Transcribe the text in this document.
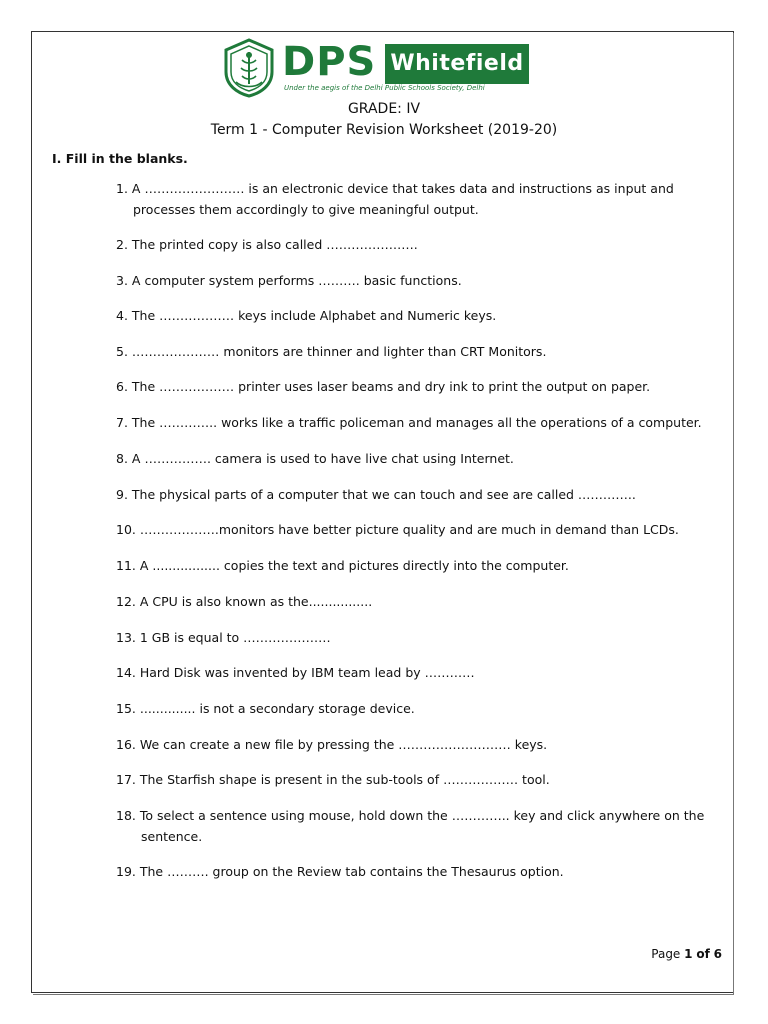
DPS Whitefield
Under the aegis of the Delhi Public Schools Society, Delhi
GRADE: IV
Term 1 - Computer Revision Worksheet (2019-20)
I. Fill in the blanks.
1. A …………………… is an electronic device that takes data and instructions as input and
processes them accordingly to give meaningful output.
2. The printed copy is also called ………………….
3. A computer system performs ………. basic functions.
4. The ……………… keys include Alphabet and Numeric keys.
5. ………………… monitors are thinner and lighter than CRT Monitors.
6. The ……………… printer uses laser beams and dry ink to print the output on paper.
7. The ………….. works like a traffic policeman and manages all the operations of a computer.
8. A ……………. camera is used to have live chat using Internet.
9. The physical parts of a computer that we can touch and see are called …………..
10. ……………….monitors have better picture quality and are much in demand than LCDs.
11. A ................. copies the text and pictures directly into the computer.
12. A CPU is also known as the................
13. 1 GB is equal to …………………
14. Hard Disk was invented by IBM team lead by …………
15. .............. is not a secondary storage device.
16. We can create a new file by pressing the ……………………… keys.
17. The Starfish shape is present in the sub-tools of ……………… tool.
18. To select a sentence using mouse, hold down the ………….. key and click anywhere on the
sentence.
19. The ………. group on the Review tab contains the Thesaurus option.
Page 1 of 6
